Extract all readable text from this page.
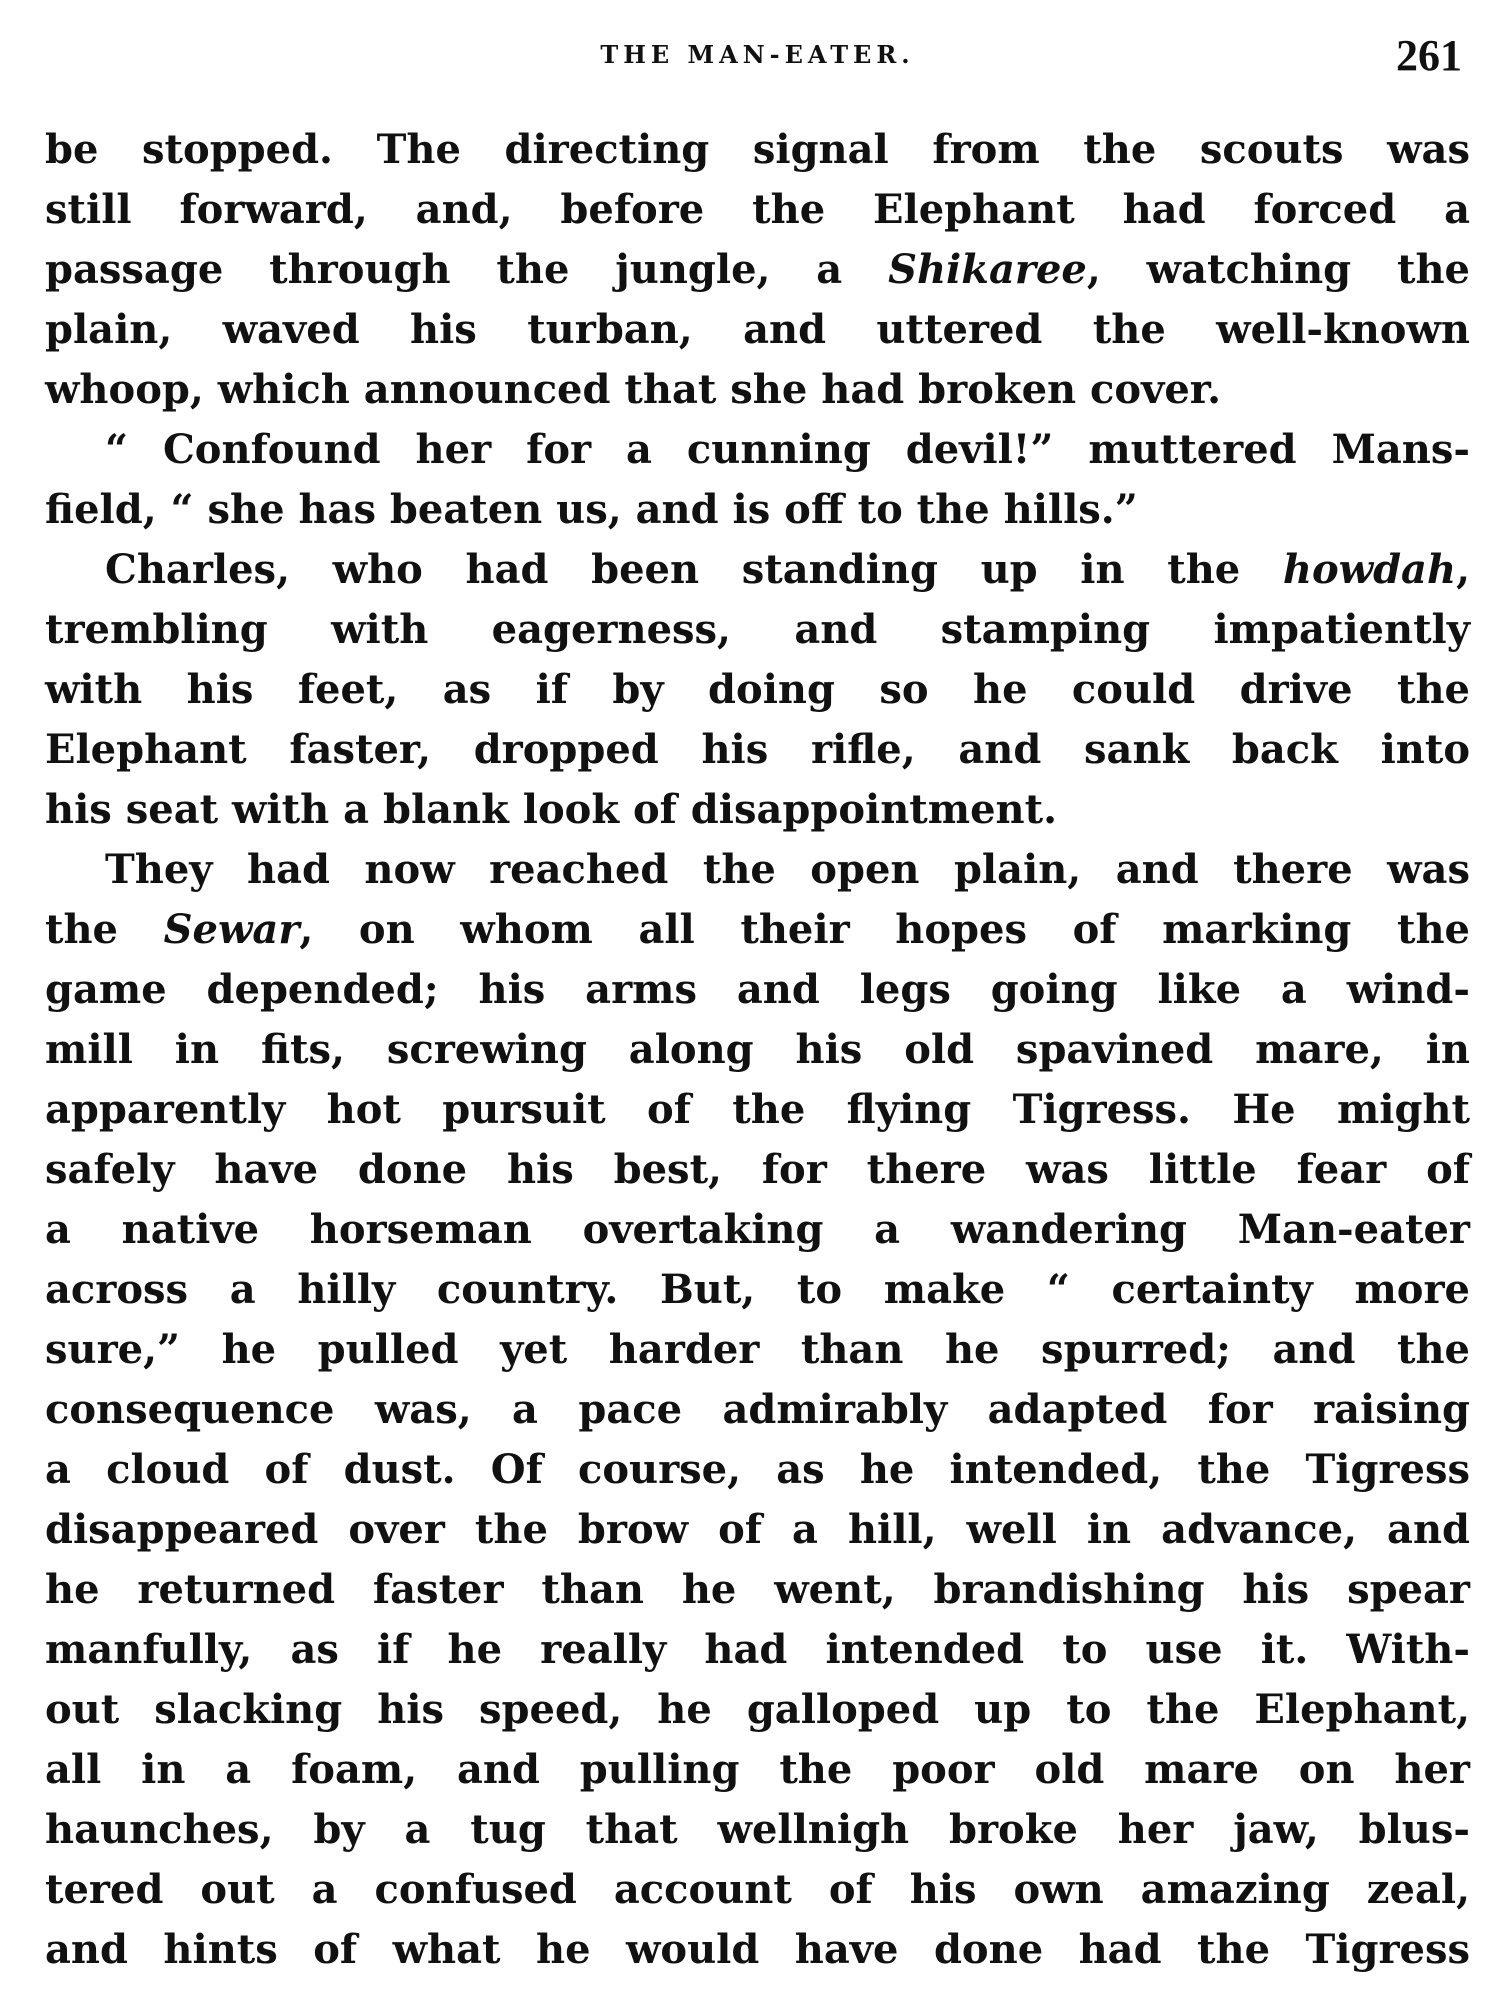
THE MAN-EATER.	261
be stopped. The directing signal from the scouts was
still forward, and, before the Elephant had forced a
passage through the jungle, a Shikaree, watching the
plain, waved his turban, and uttered the well-known
whoop, which announced that she had broken cover.
“ Confound her for a cunning devil!” muttered Mans-
field, “ she has beaten us, and is off to the hills.”
Charles, who had been standing up in the howdah,
trembling with eagerness, and stamping impatiently
with his feet, as if by doing so he could drive the
Elephant faster, dropped his rifle, and sank back into
his seat with a blank look of disappointment.
They had now reached the open plain, and there was
the Sewar, on whom all their hopes of marking the
game depended; his arms and legs going like a wind-
mill in fits, screwing along his old spavined mare, in
apparently hot pursuit of the flying Tigress. He might
safely have done his best, for there was little fear of
a native horseman overtaking a wandering Man-eater
across a hilly country. But, to make “ certainty more
sure,” he pulled yet harder than he spurred; and the
consequence was, a pace admirably adapted for raising
a cloud of dust. Of course, as he intended, the Tigress
disappeared over the brow of a hill, well in advance, and
he returned faster than he went, brandishing his spear
manfully, as if he really had intended to use it. With-
out slacking his speed, he galloped up to the Elephant,
all in a foam, and pulling the poor old mare on her
haunches, by a tug that wellnigh broke her jaw, blus-
tered out a confused account of his own amazing zeal,
and hints of what he would have done had the Tigress
